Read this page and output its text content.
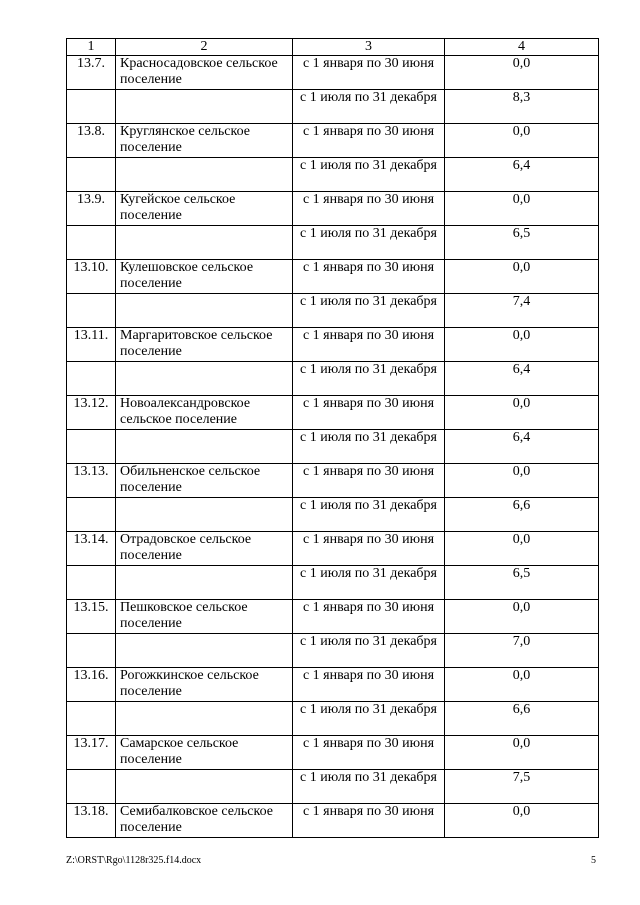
1	2	3	4
13.7.	Красносадовское сельское поселение	с 1 января по 30 июня	0,0
		с 1 июля по 31 декабря	8,3
13.8.	Круглянское сельское поселение	с 1 января по 30 июня	0,0
		с 1 июля по 31 декабря	6,4
13.9.	Кугейское сельское поселение	с 1 января по 30 июня	0,0
		с 1 июля по 31 декабря	6,5
13.10.	Кулешовское сельское поселение	с 1 января по 30 июня	0,0
		с 1 июля по 31 декабря	7,4
13.11.	Маргаритовское сельское поселение	с 1 января по 30 июня	0,0
		с 1 июля по 31 декабря	6,4
13.12.	Новоалександровское сельское поселение	с 1 января по 30 июня	0,0
		с 1 июля по 31 декабря	6,4
13.13.	Обильненское сельское поселение	с 1 января по 30 июня	0,0
		с 1 июля по 31 декабря	6,6
13.14.	Отрадовское сельское поселение	с 1 января по 30 июня	0,0
		с 1 июля по 31 декабря	6,5
13.15.	Пешковское сельское поселение	с 1 января по 30 июня	0,0
		с 1 июля по 31 декабря	7,0
13.16.	Рогожкинское сельское поселение	с 1 января по 30 июня	0,0
		с 1 июля по 31 декабря	6,6
13.17.	Самарское сельское поселение	с 1 января по 30 июня	0,0
		с 1 июля по 31 декабря	7,5
13.18.	Семибалковское сельское поселение	с 1 января по 30 июня	0,0
Z:\ORST\Rgo\1128r325.f14.docx	5
